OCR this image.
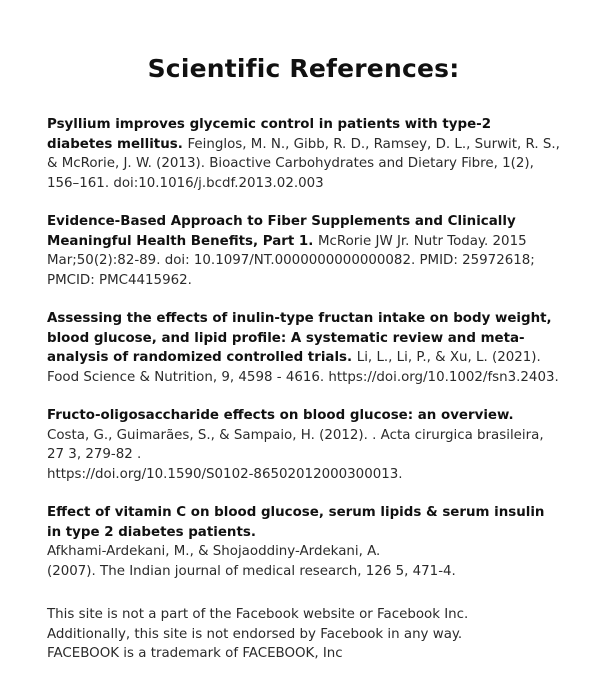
Scientific References:
Psyllium improves glycemic control in patients with type-2 diabetes mellitus. Feinglos, M. N., Gibb, R. D., Ramsey, D. L., Surwit, R. S., & McRorie, J. W. (2013). Bioactive Carbohydrates and Dietary Fibre, 1(2), 156–161. doi:10.1016/j.bcdf.2013.02.003
Evidence-Based Approach to Fiber Supplements and Clinically Meaningful Health Benefits, Part 1. McRorie JW Jr. Nutr Today. 2015 Mar;50(2):82-89. doi: 10.1097/NT.0000000000000082. PMID: 25972618; PMCID: PMC4415962.
Assessing the effects of inulin-type fructan intake on body weight, blood glucose, and lipid profile: A systematic review and meta-analysis of randomized controlled trials. Li, L., Li, P., & Xu, L. (2021). Food Science & Nutrition, 9, 4598 - 4616. https://doi.org/10.1002/fsn3.2403.
Fructo-oligosaccharide effects on blood glucose: an overview.
Costa, G., Guimarães, S., & Sampaio, H. (2012). . Acta cirurgica brasileira, 27 3, 279-82 .
https://doi.org/10.1590/S0102-86502012000300013.
Effect of vitamin C on blood glucose, serum lipids & serum insulin in type 2 diabetes patients.
Afkhami-Ardekani, M., & Shojaoddiny-Ardekani, A.
(2007). The Indian journal of medical research, 126 5, 471-4.
This site is not a part of the Facebook website or Facebook Inc.
Additionally, this site is not endorsed by Facebook in any way.
FACEBOOK is a trademark of FACEBOOK, Inc
